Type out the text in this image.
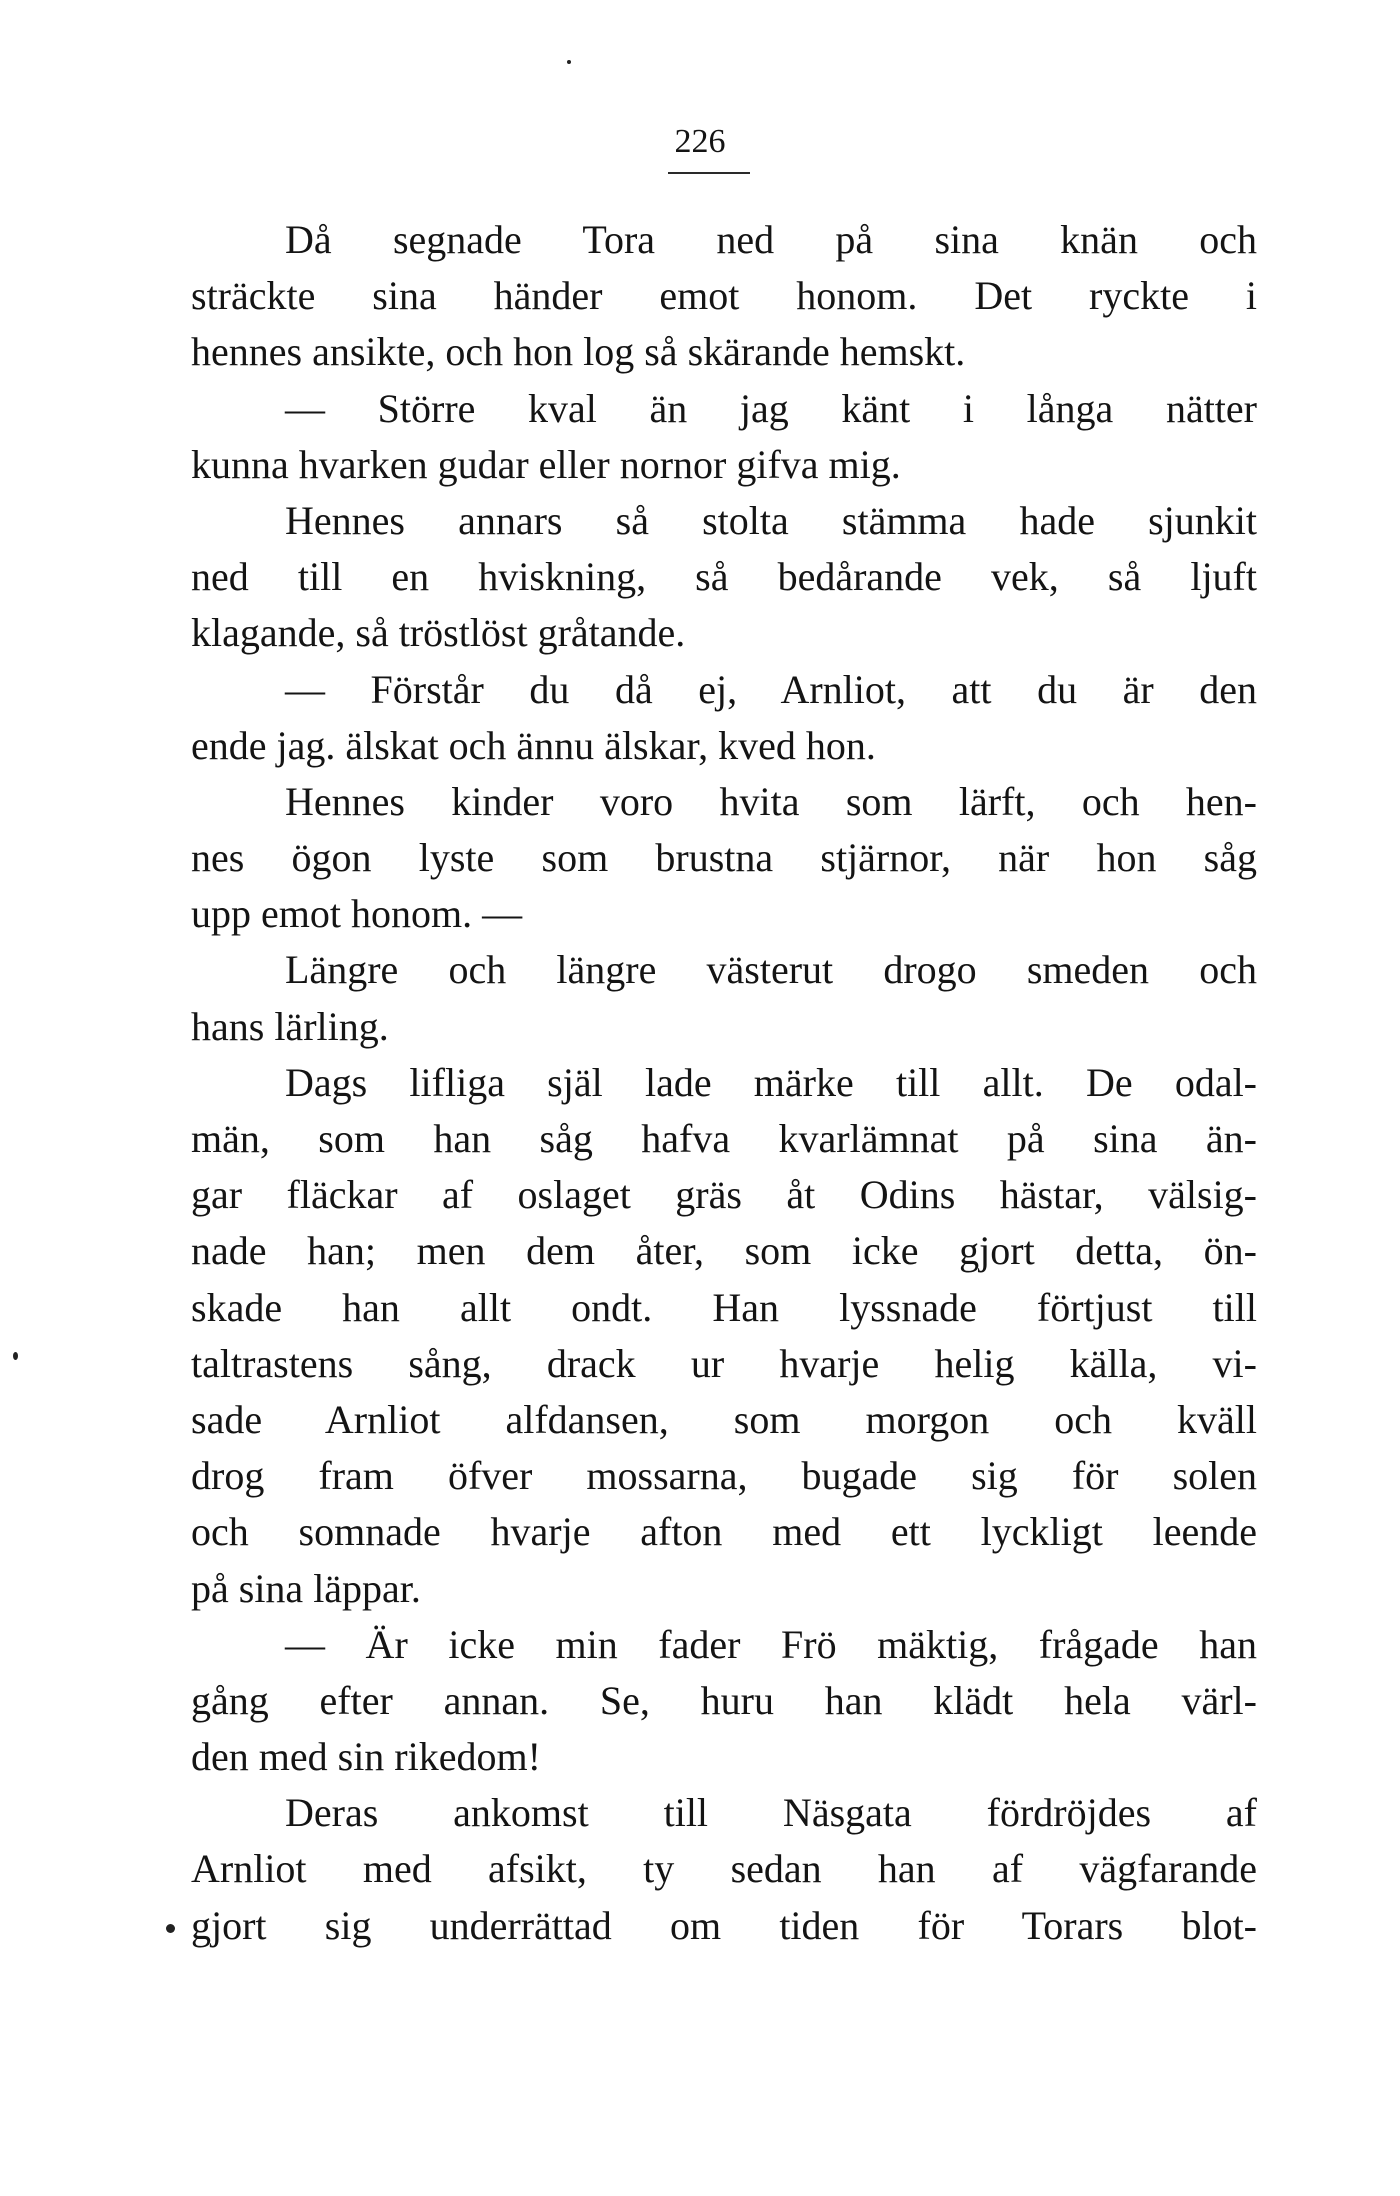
226
Då segnade Tora ned på sina knän och
sträckte sina händer emot honom. Det ryckte i
hennes ansikte, och hon log så skärande hemskt.
— Större kval än jag känt i långa nätter
kunna hvarken gudar eller nornor gifva mig.
Hennes annars så stolta stämma hade sjunkit
ned till en hviskning, så bedårande vek, så ljuft
klagande, så tröstlöst gråtande.
— Förstår du då ej, Arnliot, att du är den
ende jag. älskat och ännu älskar, kved hon.
Hennes kinder voro hvita som lärft, och hen-
nes ögon lyste som brustna stjärnor, när hon såg
upp emot honom. —
Längre och längre västerut drogo smeden och
hans lärling.
Dags lifliga själ lade märke till allt. De odal-
män, som han såg hafva kvarlämnat på sina än-
gar fläckar af oslaget gräs åt Odins hästar, välsig-
nade han; men dem åter, som icke gjort detta, ön-
skade han allt ondt. Han lyssnade förtjust till
taltrastens sång, drack ur hvarje helig källa, vi-
sade Arnliot alfdansen, som morgon och kväll
drog fram öfver mossarna, bugade sig för solen
och somnade hvarje afton med ett lyckligt leende
på sina läppar.
— Är icke min fader Frö mäktig, frågade han
gång efter annan. Se, huru han klädt hela värl-
den med sin rikedom!
Deras ankomst till Näsgata fördröjdes af
Arnliot med afsikt, ty sedan han af vägfarande
gjort sig underrättad om tiden för Torars blot-
